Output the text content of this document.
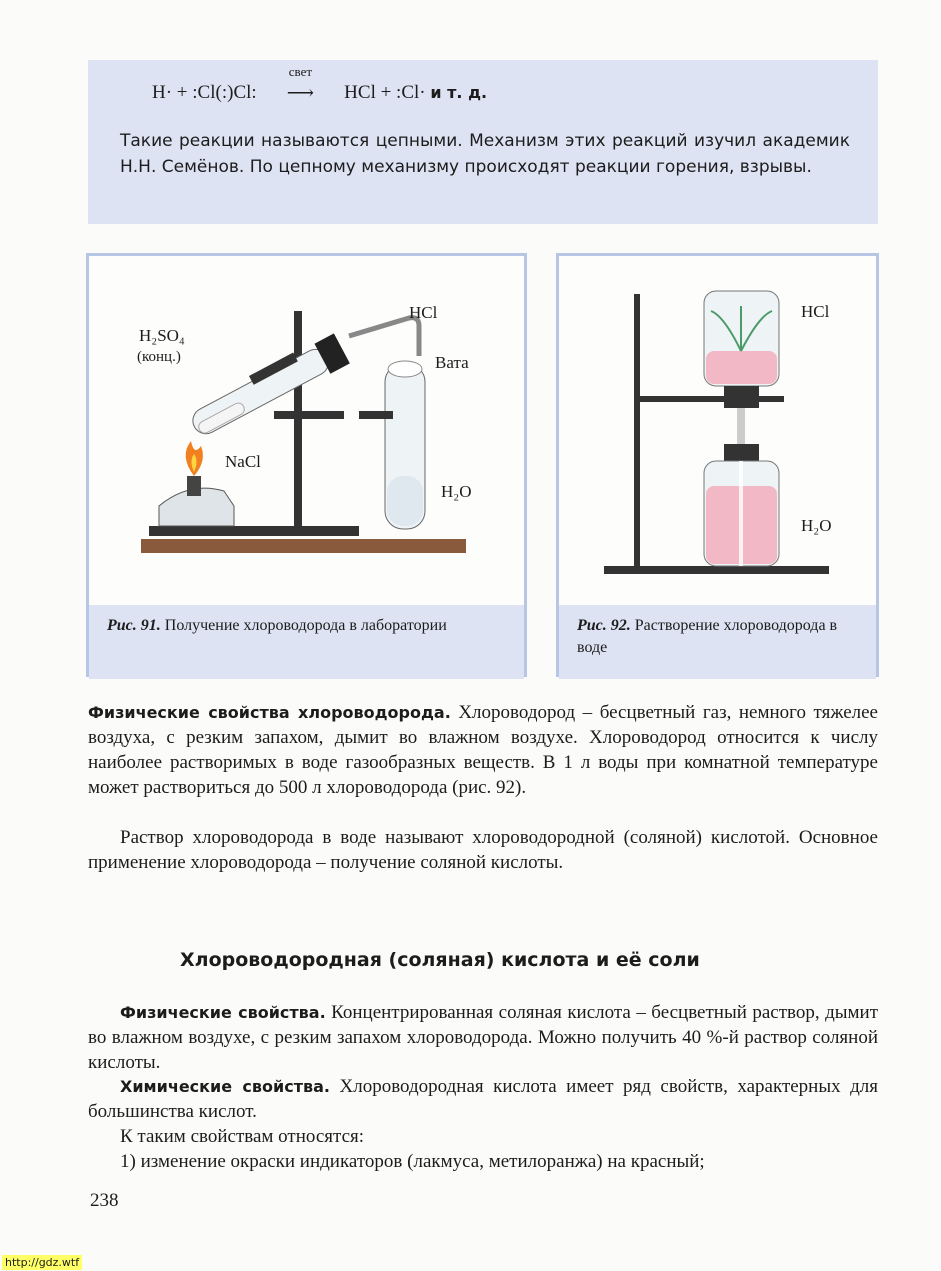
H· + :Cl(:)Cl:
свет
⟶ HCl + :Cl· и т. д.
Такие реакции называются цепными. Механизм этих реакций изучил академик Н.Н. Семёнов. По цепному механизму происходят реакции горения, взрывы.
H₂SO₄
(конц.)
HCl
Вата
NaCl
H₂O
Рис. 91. Получение хлороводорода в лаборатории
HCl
H₂O
Рис. 92. Растворение хлороводорода в воде
Физические свойства хлороводорода. Хлороводород – бесцветный газ, немного тяжелее воздуха, с резким запахом, дымит во влажном воздухе. Хлороводород относится к числу наиболее растворимых в воде газообразных веществ. В 1 л воды при комнатной температуре может раствориться до 500 л хлороводорода (рис. 92).
Раствор хлороводорода в воде называют хлороводородной (соляной) кислотой. Основное применение хлороводорода – получение соляной кислоты.
Хлороводородная (соляная) кислота и её соли
Физические свойства. Концентрированная соляная кислота – бесцветный раствор, дымит во влажном воздухе, с резким запахом хлороводорода. Можно получить 40 %-й раствор соляной кислоты.
Химические свойства. Хлороводородная кислота имеет ряд свойств, характерных для большинства кислот.
К таким свойствам относятся:
1) изменение окраски индикаторов (лакмуса, метилоранжа) на красный;
238
http://gdz.wtf
